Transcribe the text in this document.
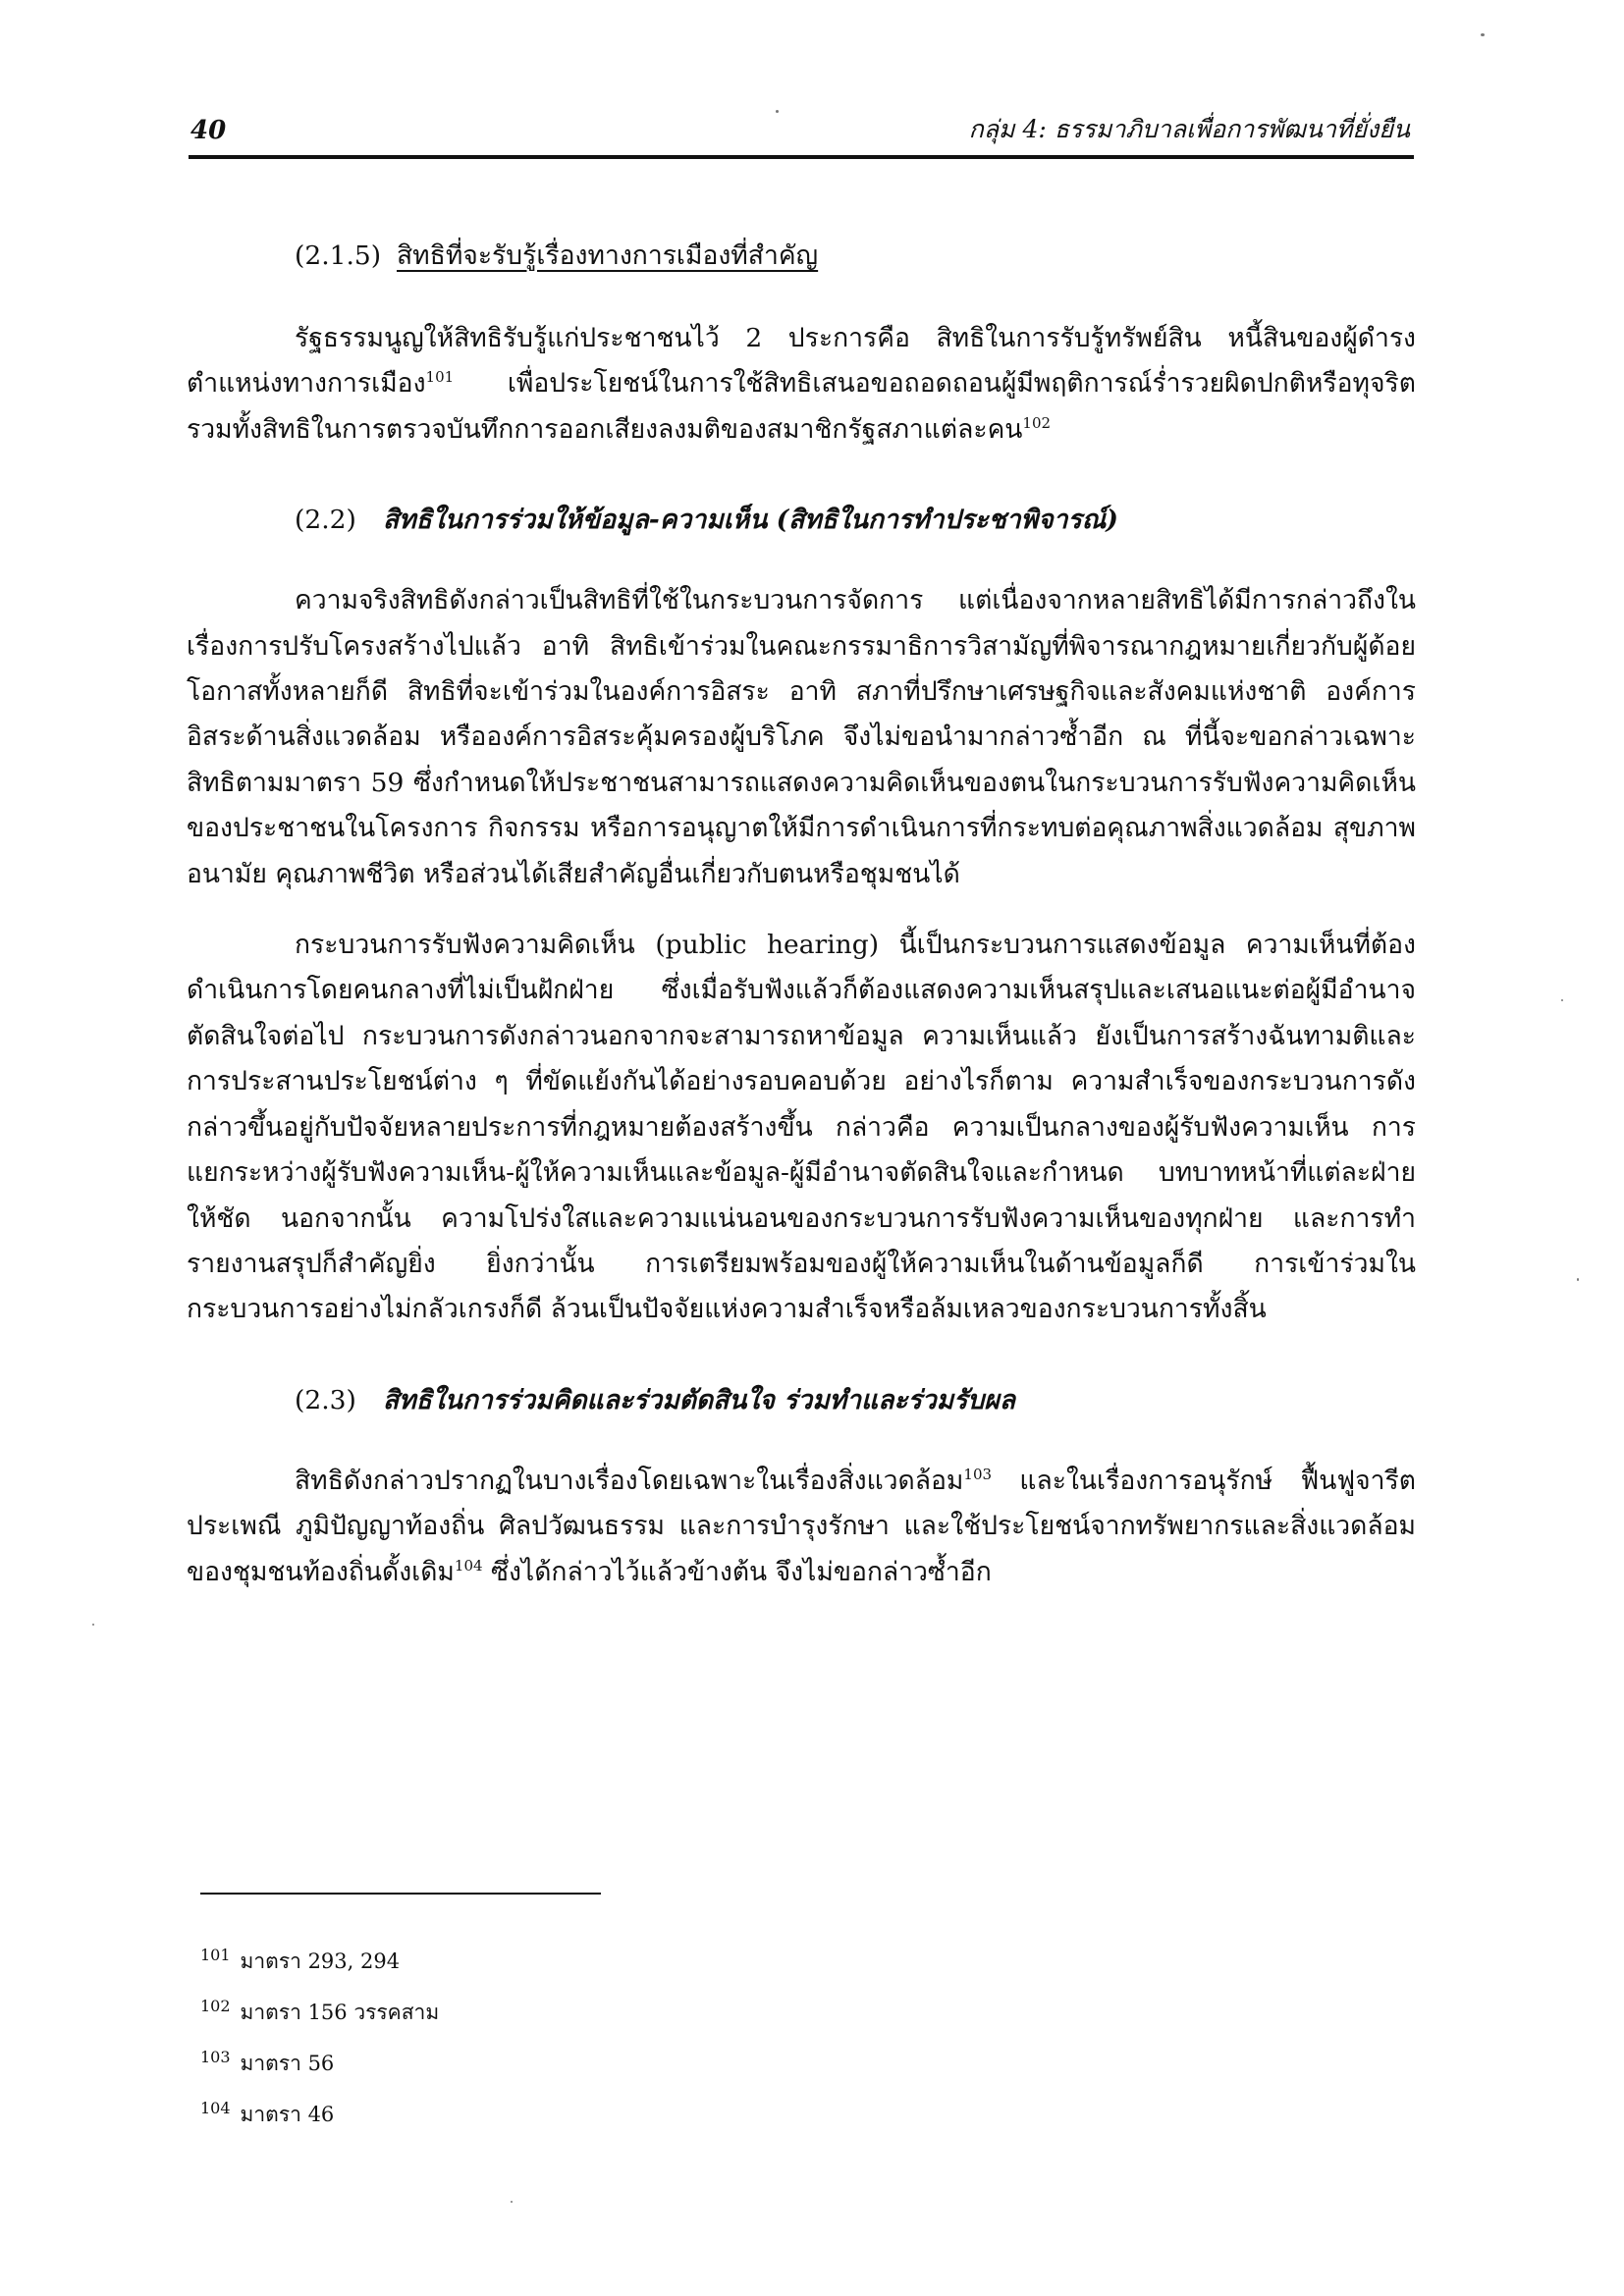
40	กลุ่ม 4: ธรรมาภิบาลเพื่อการพัฒนาที่ยั่งยืน
(2.1.5) สิทธิที่จะรับรู้เรื่องทางการเมืองที่สำคัญ

รัฐธรรมนูญให้สิทธิรับรู้แก่ประชาชนไว้ 2 ประการคือ สิทธิในการรับรู้ทรัพย์สิน หนี้สินของผู้ดำรงตำแหน่งทางการเมือง$^{101}$ เพื่อประโยชน์ในการใช้สิทธิเสนอขอถอดถอนผู้มีพฤติการณ์ร่ำรวยผิดปกติหรือทุจริต รวมทั้งสิทธิในการตรวจบันทึกการออกเสียงลงมติของสมาชิกรัฐสภาแต่ละคน$^{102}$

(2.2) สิทธิในการร่วมให้ข้อมูล-ความเห็น (สิทธิในการทำประชาพิจารณ์)

ความจริงสิทธิดังกล่าวเป็นสิทธิที่ใช้ในกระบวนการจัดการ แต่เนื่องจากหลายสิทธิได้มีการกล่าวถึงในเรื่องการปรับโครงสร้างไปแล้ว อาทิ สิทธิเข้าร่วมในคณะกรรมาธิการวิสามัญที่พิจารณากฎหมายเกี่ยวกับผู้ด้อยโอกาสทั้งหลายก็ดี สิทธิที่จะเข้าร่วมในองค์การอิสระ อาทิ สภาที่ปรึกษาเศรษฐกิจและสังคมแห่งชาติ องค์การอิสระด้านสิ่งแวดล้อม หรือองค์การอิสระคุ้มครองผู้บริโภค จึงไม่ขอนำมากล่าวซ้ำอีก ณ ที่นี้จะขอกล่าวเฉพาะสิทธิตามมาตรา 59 ซึ่งกำหนดให้ประชาชนสามารถแสดงความคิดเห็นของตนในกระบวนการรับฟังความคิดเห็นของประชาชนในโครงการ กิจกรรม หรือการอนุญาตให้มีการดำเนินการที่กระทบต่อคุณภาพสิ่งแวดล้อม สุขภาพอนามัย คุณภาพชีวิต หรือส่วนได้เสียสำคัญอื่นเกี่ยวกับตนหรือชุมชนได้

กระบวนการรับฟังความคิดเห็น (public hearing) นี้เป็นกระบวนการแสดงข้อมูล ความเห็นที่ต้องดำเนินการโดยคนกลางที่ไม่เป็นฝักฝ่าย ซึ่งเมื่อรับฟังแล้วก็ต้องแสดงความเห็นสรุปและเสนอแนะต่อผู้มีอำนาจตัดสินใจต่อไป กระบวนการดังกล่าวนอกจากจะสามารถหาข้อมูล ความเห็นแล้ว ยังเป็นการสร้างฉันทามติและการประสานประโยชน์ต่าง ๆ ที่ขัดแย้งกันได้อย่างรอบคอบด้วย อย่างไรก็ตาม ความสำเร็จของกระบวนการดังกล่าวขึ้นอยู่กับปัจจัยหลายประการที่กฎหมายต้องสร้างขึ้น กล่าวคือ ความเป็นกลางของผู้รับฟังความเห็น การแยกระหว่างผู้รับฟังความเห็น-ผู้ให้ความเห็นและข้อมูล-ผู้มีอำนาจตัดสินใจและกำหนด บทบาทหน้าที่แต่ละฝ่ายให้ชัด นอกจากนั้น ความโปร่งใสและความแน่นอนของกระบวนการรับฟังความเห็นของทุกฝ่าย และการทำรายงานสรุปก็สำคัญยิ่ง ยิ่งกว่านั้น การเตรียมพร้อมของผู้ให้ความเห็นในด้านข้อมูลก็ดี การเข้าร่วมในกระบวนการอย่างไม่กลัวเกรงก็ดี ล้วนเป็นปัจจัยแห่งความสำเร็จหรือล้มเหลวของกระบวนการทั้งสิ้น

(2.3) สิทธิในการร่วมคิดและร่วมตัดสินใจ ร่วมทำและร่วมรับผล

สิทธิดังกล่าวปรากฏในบางเรื่องโดยเฉพาะในเรื่องสิ่งแวดล้อม$^{103}$ และในเรื่องการอนุรักษ์ ฟื้นฟูจารีตประเพณี ภูมิปัญญาท้องถิ่น ศิลปวัฒนธรรม และการบำรุงรักษา และใช้ประโยชน์จากทรัพยากรและสิ่งแวดล้อมของชุมชนท้องถิ่นดั้งเดิม$^{104}$ ซึ่งได้กล่าวไว้แล้วข้างต้น จึงไม่ขอกล่าวซ้ำอีก

$^{101}$ มาตรา 293, 294
$^{102}$ มาตรา 156 วรรคสาม
$^{103}$ มาตรา 56
$^{104}$ มาตรา 46
